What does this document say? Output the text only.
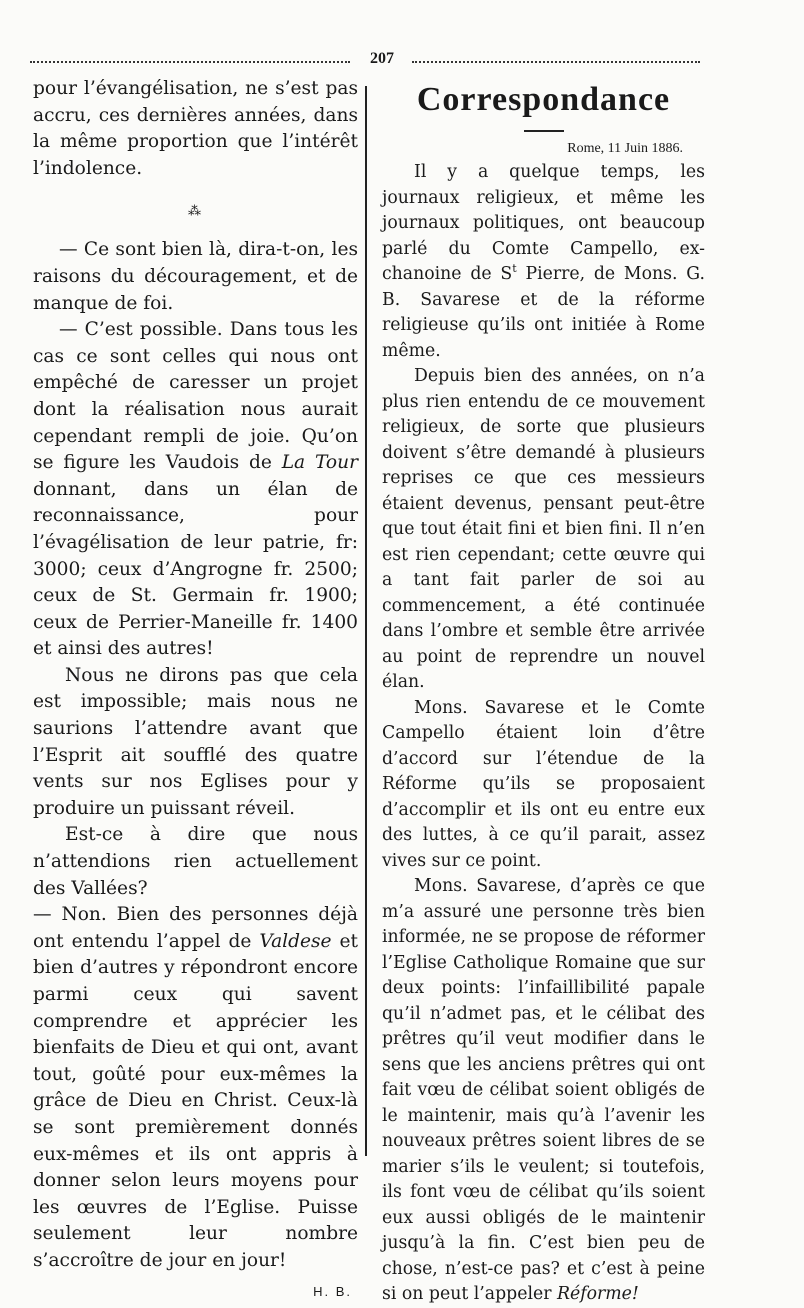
207

pour l’évangélisation, ne s’est pas accru, ces dernières années, dans la même proportion que l’intérêt l’indolence.

⁂

— Ce sont bien là, dira-t-on, les raisons du découragement, et de manque de foi.

— C’est possible. Dans tous les cas ce sont celles qui nous ont empêché de caresser un projet dont la réalisation nous aurait cependant rempli de joie. Qu’on se figure les Vaudois de La Tour donnant, dans un élan de reconnaissance, pour l’évagélisation de leur patrie, fr: 3000; ceux d’Angrogne fr. 2500; ceux de St. Germain fr. 1900; ceux de Perrier-Maneille fr. 1400 et ainsi des autres!

Nous ne dirons pas que cela est impossible; mais nous ne saurions l’attendre avant que l’Esprit ait soufflé des quatre vents sur nos Eglises pour y produire un puissant réveil.

Est-ce à dire que nous n’attendions rien actuellement des Vallées?

— Non. Bien des personnes déjà ont entendu l’appel de Valdese et bien d’autres y répondront encore parmi ceux qui savent comprendre et apprécier les bienfaits de Dieu et qui ont, avant tout, goûté pour eux-mêmes la grâce de Dieu en Christ. Ceux-là se sont premièrement donnés eux-mêmes et ils ont appris à donner selon leurs moyens pour les œuvres de l’Eglise. Puisse seulement leur nombre s’accroître de jour en jour!

H. B.
Correspondance
Rome, 11 Juin 1886.

Il y a quelque temps, les journaux religieux, et même les journaux politiques, ont beaucoup parlé du Comte Campello, ex-chanoine de $S^t$ Pierre, de Mons. G. B. Savarese et de la réforme religieuse qu’ils ont initiée à Rome même.

Depuis bien des années, on n’a plus rien entendu de ce mouvement religieux, de sorte que plusieurs doivent s’être demandé à plusieurs reprises ce que ces messieurs étaient devenus, pensant peut-être que tout était fini et bien fini. Il n’en est rien cependant; cette œuvre qui a tant fait parler de soi au commencement, a été continuée dans l’ombre et semble être arrivée au point de reprendre un nouvel élan.

Mons. Savarese et le Comte Campello étaient loin d’être d’accord sur l’étendue de la Réforme qu’ils se proposaient d’accomplir et ils ont eu entre eux des luttes, à ce qu’il parait, assez vives sur ce point.

Mons. Savarese, d’après ce que m’a assuré une personne très bien informée, ne se propose de réformer l’Eglise Catholique Romaine que sur deux points: l’infaillibilité papale qu’il n’admet pas, et le célibat des prêtres qu’il veut modifier dans le sens que les anciens prêtres qui ont fait vœu de célibat soient obligés de le maintenir, mais qu’à l’avenir les nouveaux prêtres soient libres de se marier s’ils le veulent; si toutefois, ils font vœu de célibat qu’ils soient eux aussi obligés de le maintenir jusqu’à la fin. C’est bien peu de chose, n’est-ce pas? et c’est à peine si on peut l’appeler Réforme!
